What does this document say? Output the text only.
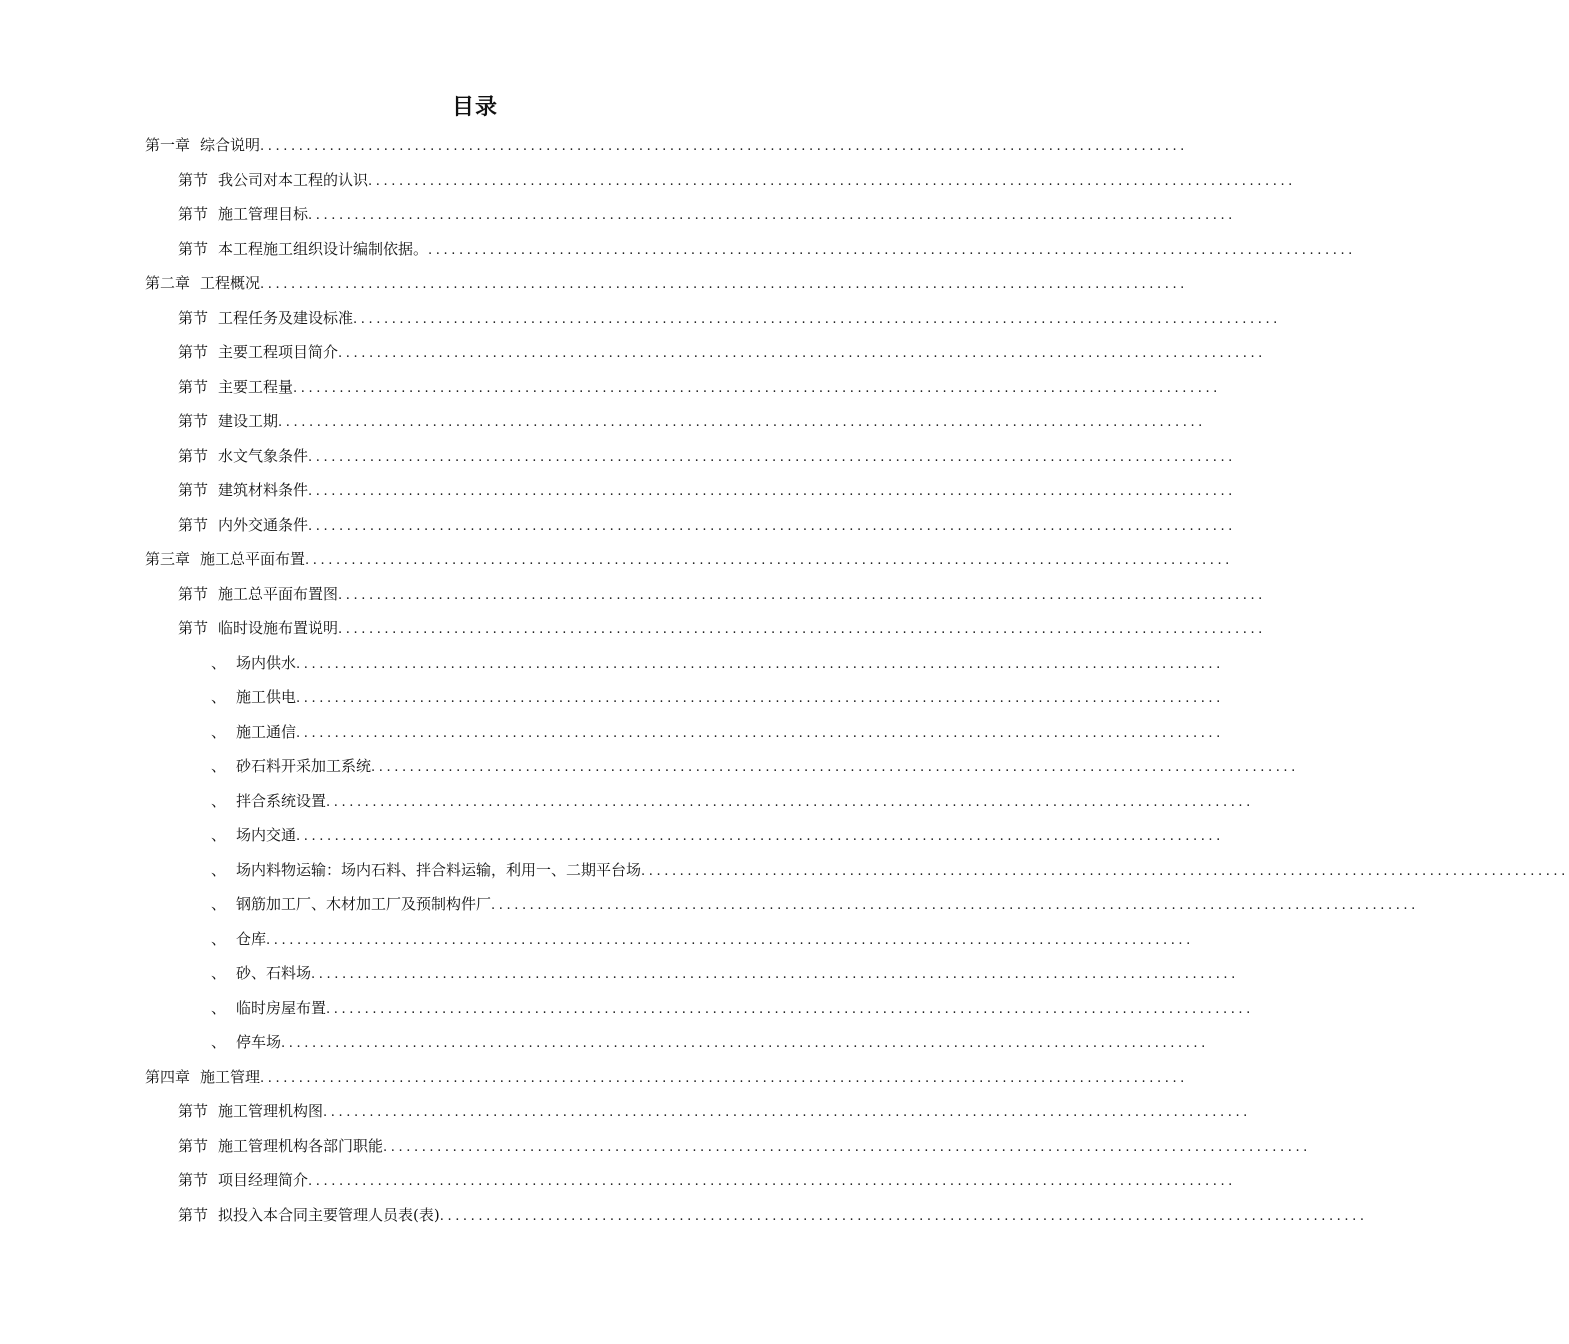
目录
第一章 综合说明 ........................................................................................................................
第节 我公司对本工程的认识 ........................................................................................................................
第节 施工管理目标 ........................................................................................................................
第节 本工程施工组织设计编制依据。 ........................................................................................................................
第二章 工程概况 ........................................................................................................................
第节 工程任务及建设标准 ........................................................................................................................
第节 主要工程项目简介 ........................................................................................................................
第节 主要工程量 ........................................................................................................................
第节 建设工期 ........................................................................................................................
第节 水文气象条件 ........................................................................................................................
第节 建筑材料条件 ........................................................................................................................
第节 内外交通条件 ........................................................................................................................
第三章 施工总平面布置 ........................................................................................................................
第节 施工总平面布置图 ........................................................................................................................
第节 临时设施布置说明 ........................................................................................................................
、 场内供水 ........................................................................................................................
、 施工供电 ........................................................................................................................
、 施工通信 ........................................................................................................................
、 砂石料开采加工系统 ........................................................................................................................
、 拌合系统设置 ........................................................................................................................
、 场内交通 ........................................................................................................................
、 场内料物运输：场内石料、拌合料运输，利用一、二期平台场 ........................................................................................................................
、 钢筋加工厂、木材加工厂及预制构件厂 ........................................................................................................................
、 仓库 ........................................................................................................................
、 砂、石料场 ........................................................................................................................
、 临时房屋布置 ........................................................................................................................
、 停车场 ........................................................................................................................
第四章 施工管理 ........................................................................................................................
第节 施工管理机构图 ........................................................................................................................
第节 施工管理机构各部门职能 ........................................................................................................................
第节 项目经理简介 ........................................................................................................................
第节 拟投入本合同主要管理人员表(表) ........................................................................................................................
